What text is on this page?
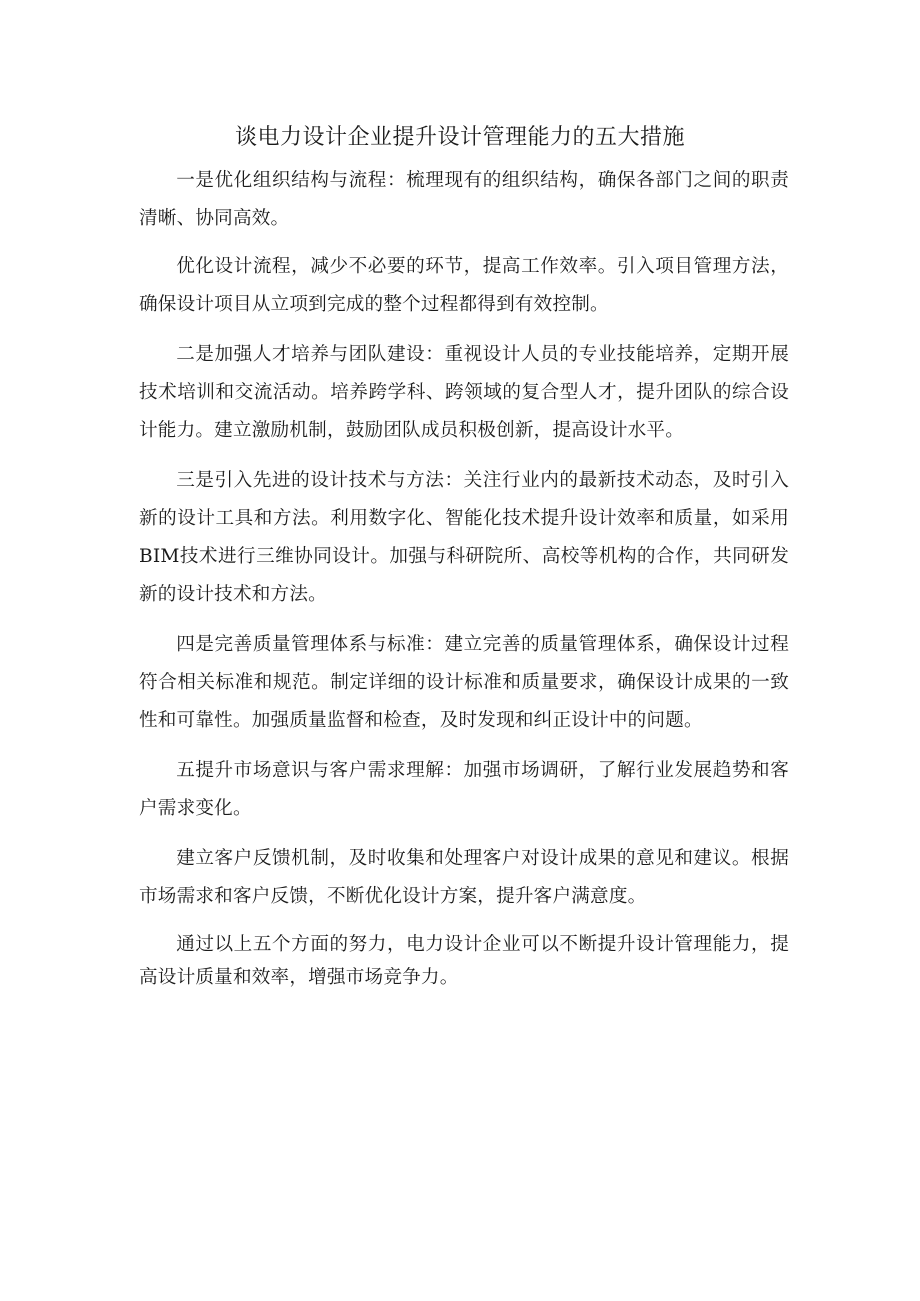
谈电力设计企业提升设计管理能力的五大措施

一是优化组织结构与流程：梳理现有的组织结构，确保各部门之间的职责清晰、协同高效。

优化设计流程，减少不必要的环节，提高工作效率。引入项目管理方法，确保设计项目从立项到完成的整个过程都得到有效控制。

二是加强人才培养与团队建设：重视设计人员的专业技能培养，定期开展技术培训和交流活动。培养跨学科、跨领域的复合型人才，提升团队的综合设计能力。建立激励机制，鼓励团队成员积极创新，提高设计水平。

三是引入先进的设计技术与方法：关注行业内的最新技术动态，及时引入新的设计工具和方法。利用数字化、智能化技术提升设计效率和质量，如采用BIM技术进行三维协同设计。加强与科研院所、高校等机构的合作，共同研发新的设计技术和方法。

四是完善质量管理体系与标准：建立完善的质量管理体系，确保设计过程符合相关标准和规范。制定详细的设计标准和质量要求，确保设计成果的一致性和可靠性。加强质量监督和检查，及时发现和纠正设计中的问题。

五提升市场意识与客户需求理解：加强市场调研，了解行业发展趋势和客户需求变化。

建立客户反馈机制，及时收集和处理客户对设计成果的意见和建议。根据市场需求和客户反馈，不断优化设计方案，提升客户满意度。

通过以上五个方面的努力，电力设计企业可以不断提升设计管理能力，提高设计质量和效率，增强市场竞争力。
